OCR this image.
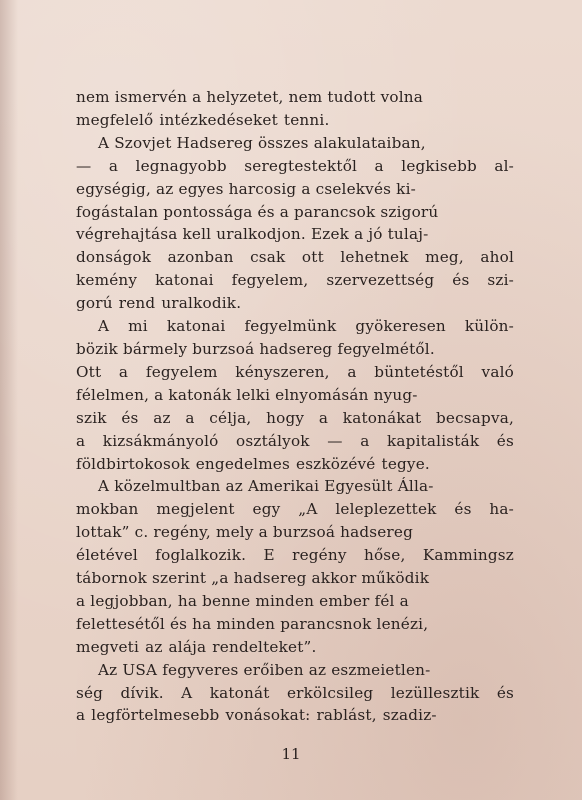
nem ismervén a helyzetet, nem tudott volna
megfelelő intézkedéseket tenni.

A Szovjet Hadsereg összes alakulataiban,
— a legnagyobb seregtestektől a legkisebb al-
egységig, az egyes harcosig a cselekvés ki-
fogástalan pontossága és a parancsok szigorú
végrehajtása kell uralkodjon. Ezek a jó tulaj-
donságok azonban csak ott lehetnek meg, ahol
kemény katonai fegyelem, szervezettség és szi-
gorú rend uralkodik.

A mi katonai fegyelmünk gyökeresen külön-
bözik bármely burzsoá hadsereg fegyelmétől.
Ott a fegyelem kénysz​eren, a büntetéstől való
félelmen, a katonák lelki elnyomásán nyug-
szik és az a célja, hogy a katonákat becsapva,
a kizsákmányoló osztályok — a kapitalisták és
földbirtokosok engedelmes eszközévé tegye.

A közelmultban az Amerikai Egyesült Álla-
mokban megjelent egy „A leleplezettek és ha-
lottak” c. regény, mely a burzsoá hadsereg
életével foglalkozik. E regény hőse, Kammingsz
tábornok szerint „a hadsereg akkor működik
a legjobban, ha benne minden ember fél a
felettesétől és ha minden parancsnok lenézi,
megveti az alája rendelteket”.

Az USA fegyveres erőiben az eszmeietlen-
ség dívik. A katonát erkölcsileg lezüllesztik és
a legförtelmesebb vonásokat: rablást, szadiz-

11
